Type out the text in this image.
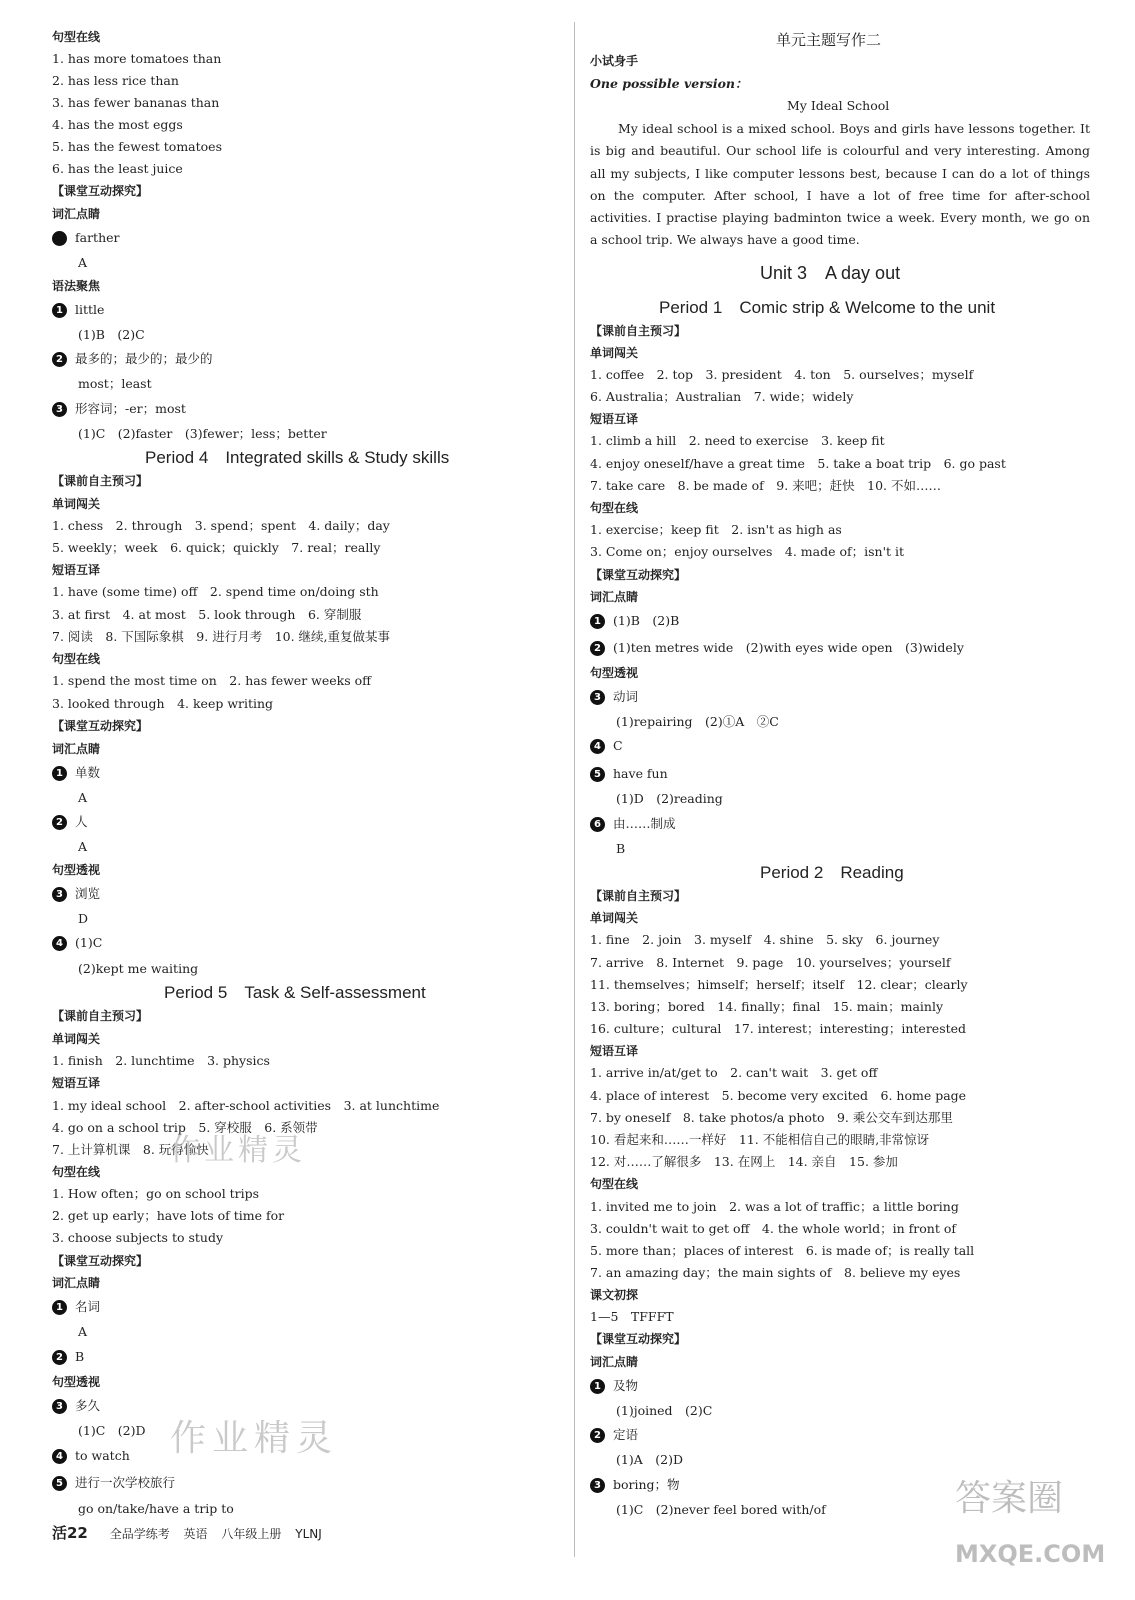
句型在线
1. has more tomatoes than
2. has less rice than
3. has fewer bananas than
4. has the most eggs
5. has the fewest tomatoes
6. has the least juice
【课堂互动探究】
词汇点睛
farther
A
语法聚焦
1 little
(1)B　(2)C
2 最多的；最少的；最少的
most；least
3 形容词；-er；most
(1)C　(2)faster　(3)fewer；less；better
Period 4　Integrated skills & Study skills
【课前自主预习】
单词闯关
1. chess　2. through　3. spend；spent　4. daily；day
5. weekly；week　6. quick；quickly　7. real；really
短语互译
1. have (some time) off　2. spend time on/doing sth
3. at first　4. at most　5. look through　6. 穿制服
7. 阅读　8. 下国际象棋　9. 进行月考　10. 继续,重复做某事
句型在线
1. spend the most time on　2. has fewer weeks off
3. looked through　4. keep writing
【课堂互动探究】
词汇点睛
1 单数
A
2 人
A
句型透视
3 浏览
D
4 (1)C
(2)kept me waiting
Period 5　Task & Self-assessment
【课前自主预习】
单词闯关
1. finish　2. lunchtime　3. physics
短语互译
1. my ideal school　2. after-school activities　3. at lunchtime
4. go on a school trip　5. 穿校服　6. 系领带
7. 上计算机课　8. 玩得愉快
句型在线
1. How often；go on school trips
2. get up early；have lots of time for
3. choose subjects to study
【课堂互动探究】
词汇点睛
1 名词
A
2 B
句型透视
3 多久
(1)C　(2)D
4 to watch
5 进行一次学校旅行
go on/take/have a trip to
单元主题写作二
小试身手
One possible version：
My Ideal School
My ideal school is a mixed school. Boys and girls have lessons together. It is big and beautiful. Our school life is colourful and very interesting. Among all my subjects, I like computer lessons best, because I can do a lot of things on the computer. After school, I have a lot of free time for after-school activities. I practise playing badminton twice a week. Every month, we go on a school trip. We always have a good time.
Unit 3　A day out
Period 1　Comic strip & Welcome to the unit
【课前自主预习】
单词闯关
1. coffee　2. top　3. president　4. ton　5. ourselves；myself
6. Australia；Australian　7. wide；widely
短语互译
1. climb a hill　2. need to exercise　3. keep fit
4. enjoy oneself/have a great time　5. take a boat trip　6. go past
7. take care　8. be made of　9. 来吧；赶快　10. 不如……
句型在线
1. exercise；keep fit　2. isn't as high as
3. Come on；enjoy ourselves　4. made of；isn't it
【课堂互动探究】
词汇点睛
1 (1)B　(2)B
2 (1)ten metres wide　(2)with eyes wide open　(3)widely
句型透视
3 动词
(1)repairing　(2)①A　②C
4 C
5 have fun
(1)D　(2)reading
6 由……制成
B
Period 2　Reading
【课前自主预习】
单词闯关
1. fine　2. join　3. myself　4. shine　5. sky　6. journey
7. arrive　8. Internet　9. page　10. yourselves；yourself
11. themselves；himself；herself；itself　12. clear；clearly
13. boring；bored　14. finally；final　15. main；mainly
16. culture；cultural　17. interest；interesting；interested
短语互译
1. arrive in/at/get to　2. can't wait　3. get off
4. place of interest　5. become very excited　6. home page
7. by oneself　8. take photos/a photo　9. 乘公交车到达那里
10. 看起来和……一样好　11. 不能相信自己的眼睛,非常惊讶
12. 对……了解很多　13. 在网上　14. 亲自　15. 参加
句型在线
1. invited me to join　2. was a lot of traffic；a little boring
3. couldn't wait to get off　4. the whole world；in front of
5. more than；places of interest　6. is made of；is really tall
7. an amazing day；the main sights of　8. believe my eyes
课文初探
1—5　TFFFT
【课堂互动探究】
词汇点睛
1 及物
(1)joined　(2)C
2 定语
(1)A　(2)D
3 boring；物
(1)C　(2)never feel bored with/of
活22 全品学练考 英语 八年级上册 YLNJ
作业精灵
作业精灵
答案圈
MXQE.COM
